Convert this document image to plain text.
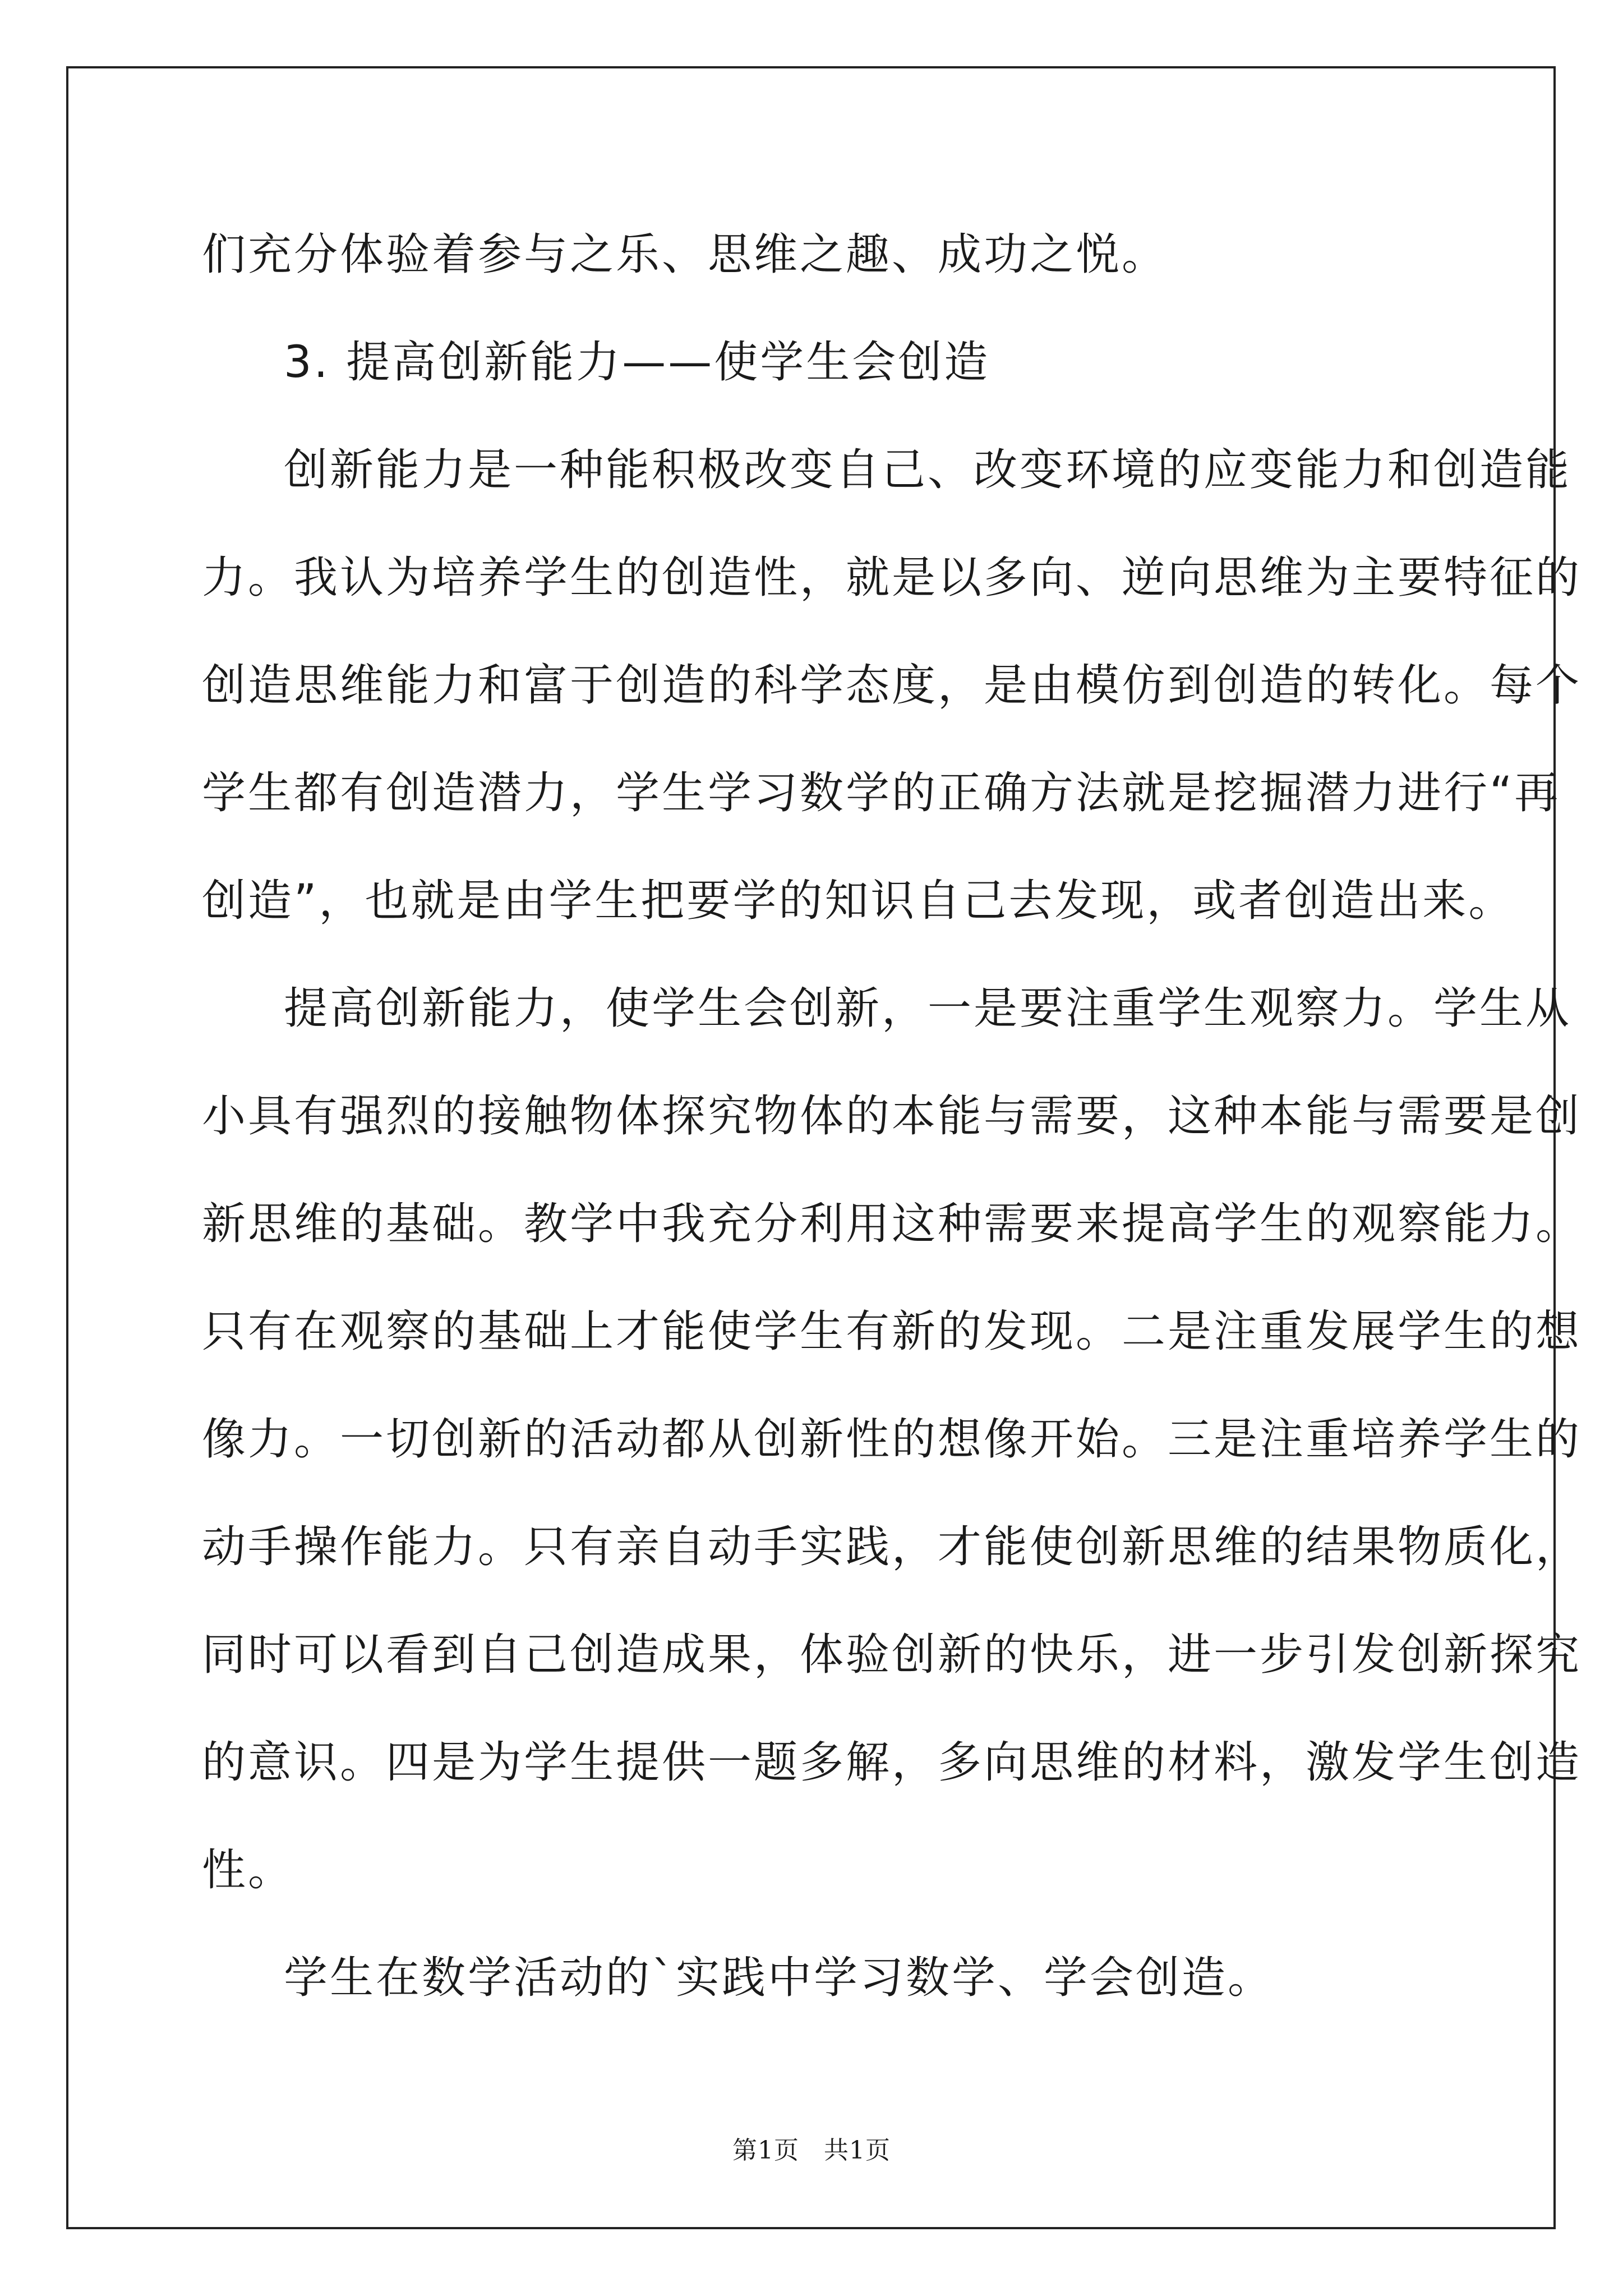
们充分体验着参与之乐、思维之趣、成功之悦。
3. 提高创新能力——使学生会创造
创新能力是一种能积极改变自己、改变环境的应变能力和创造能
力。我认为培养学生的创造性，就是以多向、逆向思维为主要特征的
创造思维能力和富于创造的科学态度，是由模仿到创造的转化。每个
学生都有创造潜力，学生学习数学的正确方法就是挖掘潜力进行“再
创造”，也就是由学生把要学的知识自己去发现，或者创造出来。
提高创新能力，使学生会创新，一是要注重学生观察力。学生从
小具有强烈的接触物体探究物体的本能与需要，这种本能与需要是创
新思维的基础。教学中我充分利用这种需要来提高学生的观察能力。
只有在观察的基础上才能使学生有新的发现。二是注重发展学生的想
像力。一切创新的活动都从创新性的想像开始。三是注重培养学生的
动手操作能力。只有亲自动手实践，才能使创新思维的结果物质化，
同时可以看到自己创造成果，体验创新的快乐，进一步引发创新探究
的意识。四是为学生提供一题多解，多向思维的材料，激发学生创造
性。
学生在数学活动的`实践中学习数学、学会创造。
第1页 共1页
